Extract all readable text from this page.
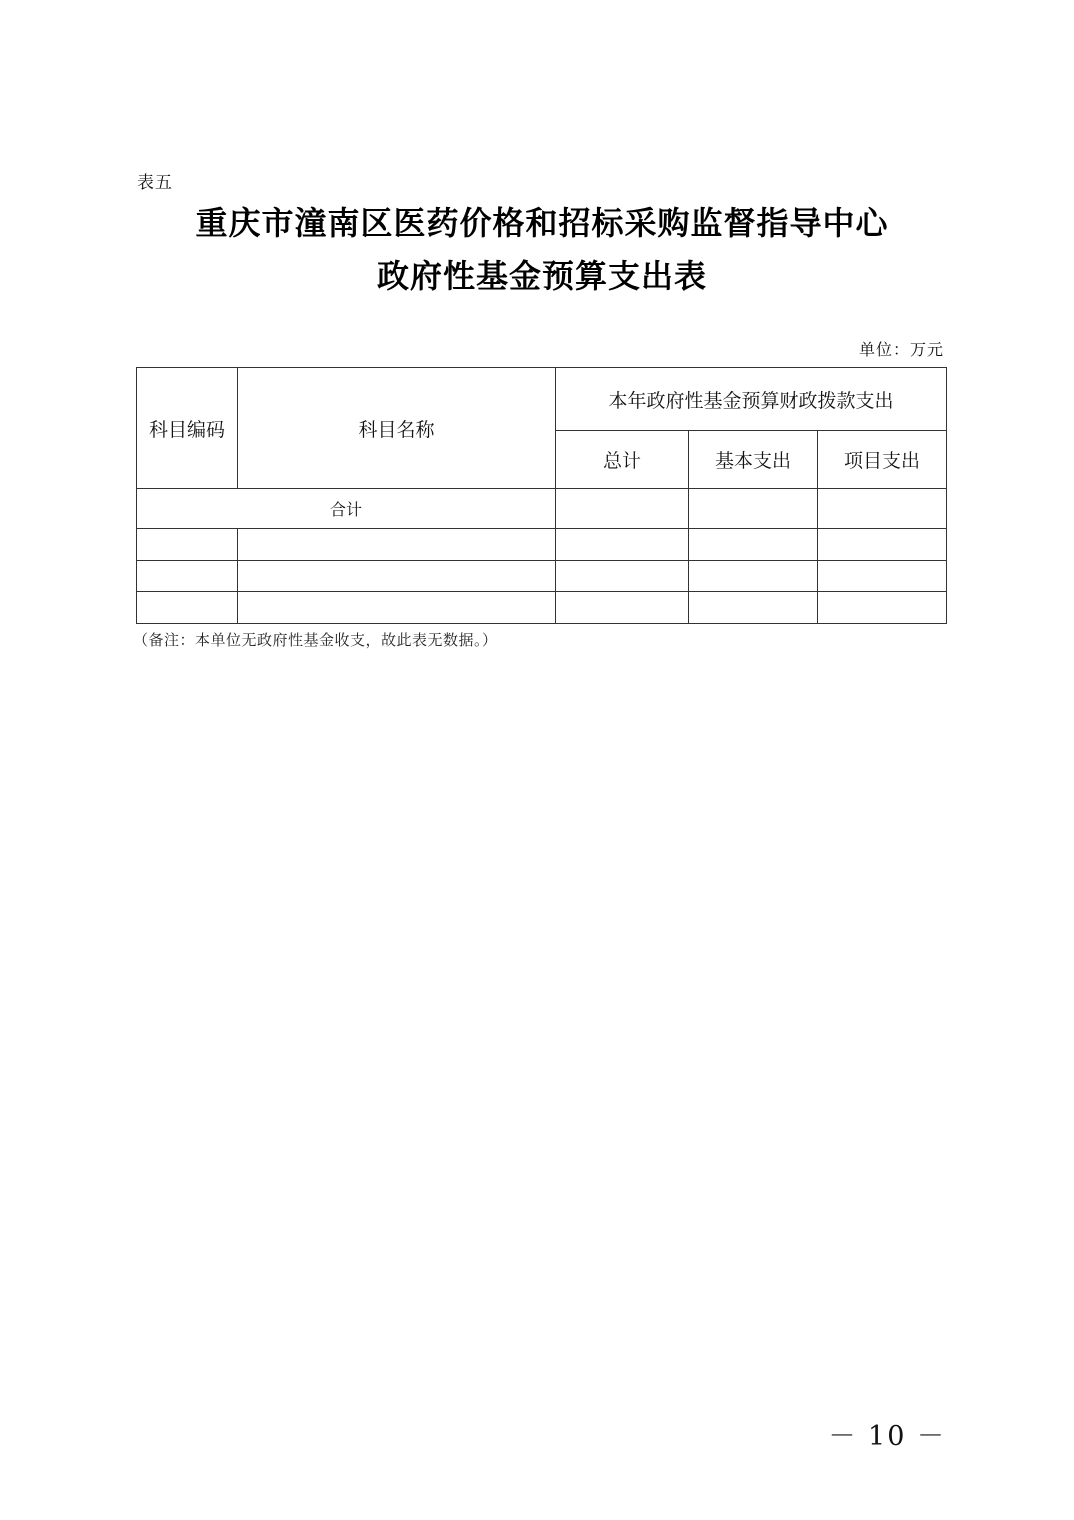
表五
重庆市潼南区医药价格和招标采购监督指导中心
政府性基金预算支出表
单位：万元
科目编码	科目名称	本年政府性基金预算财政拨款支出		
		总计	基本支出	项目支出
合计				

（备注：本单位无政府性基金收支，故此表无数据。）
－ 10 －
